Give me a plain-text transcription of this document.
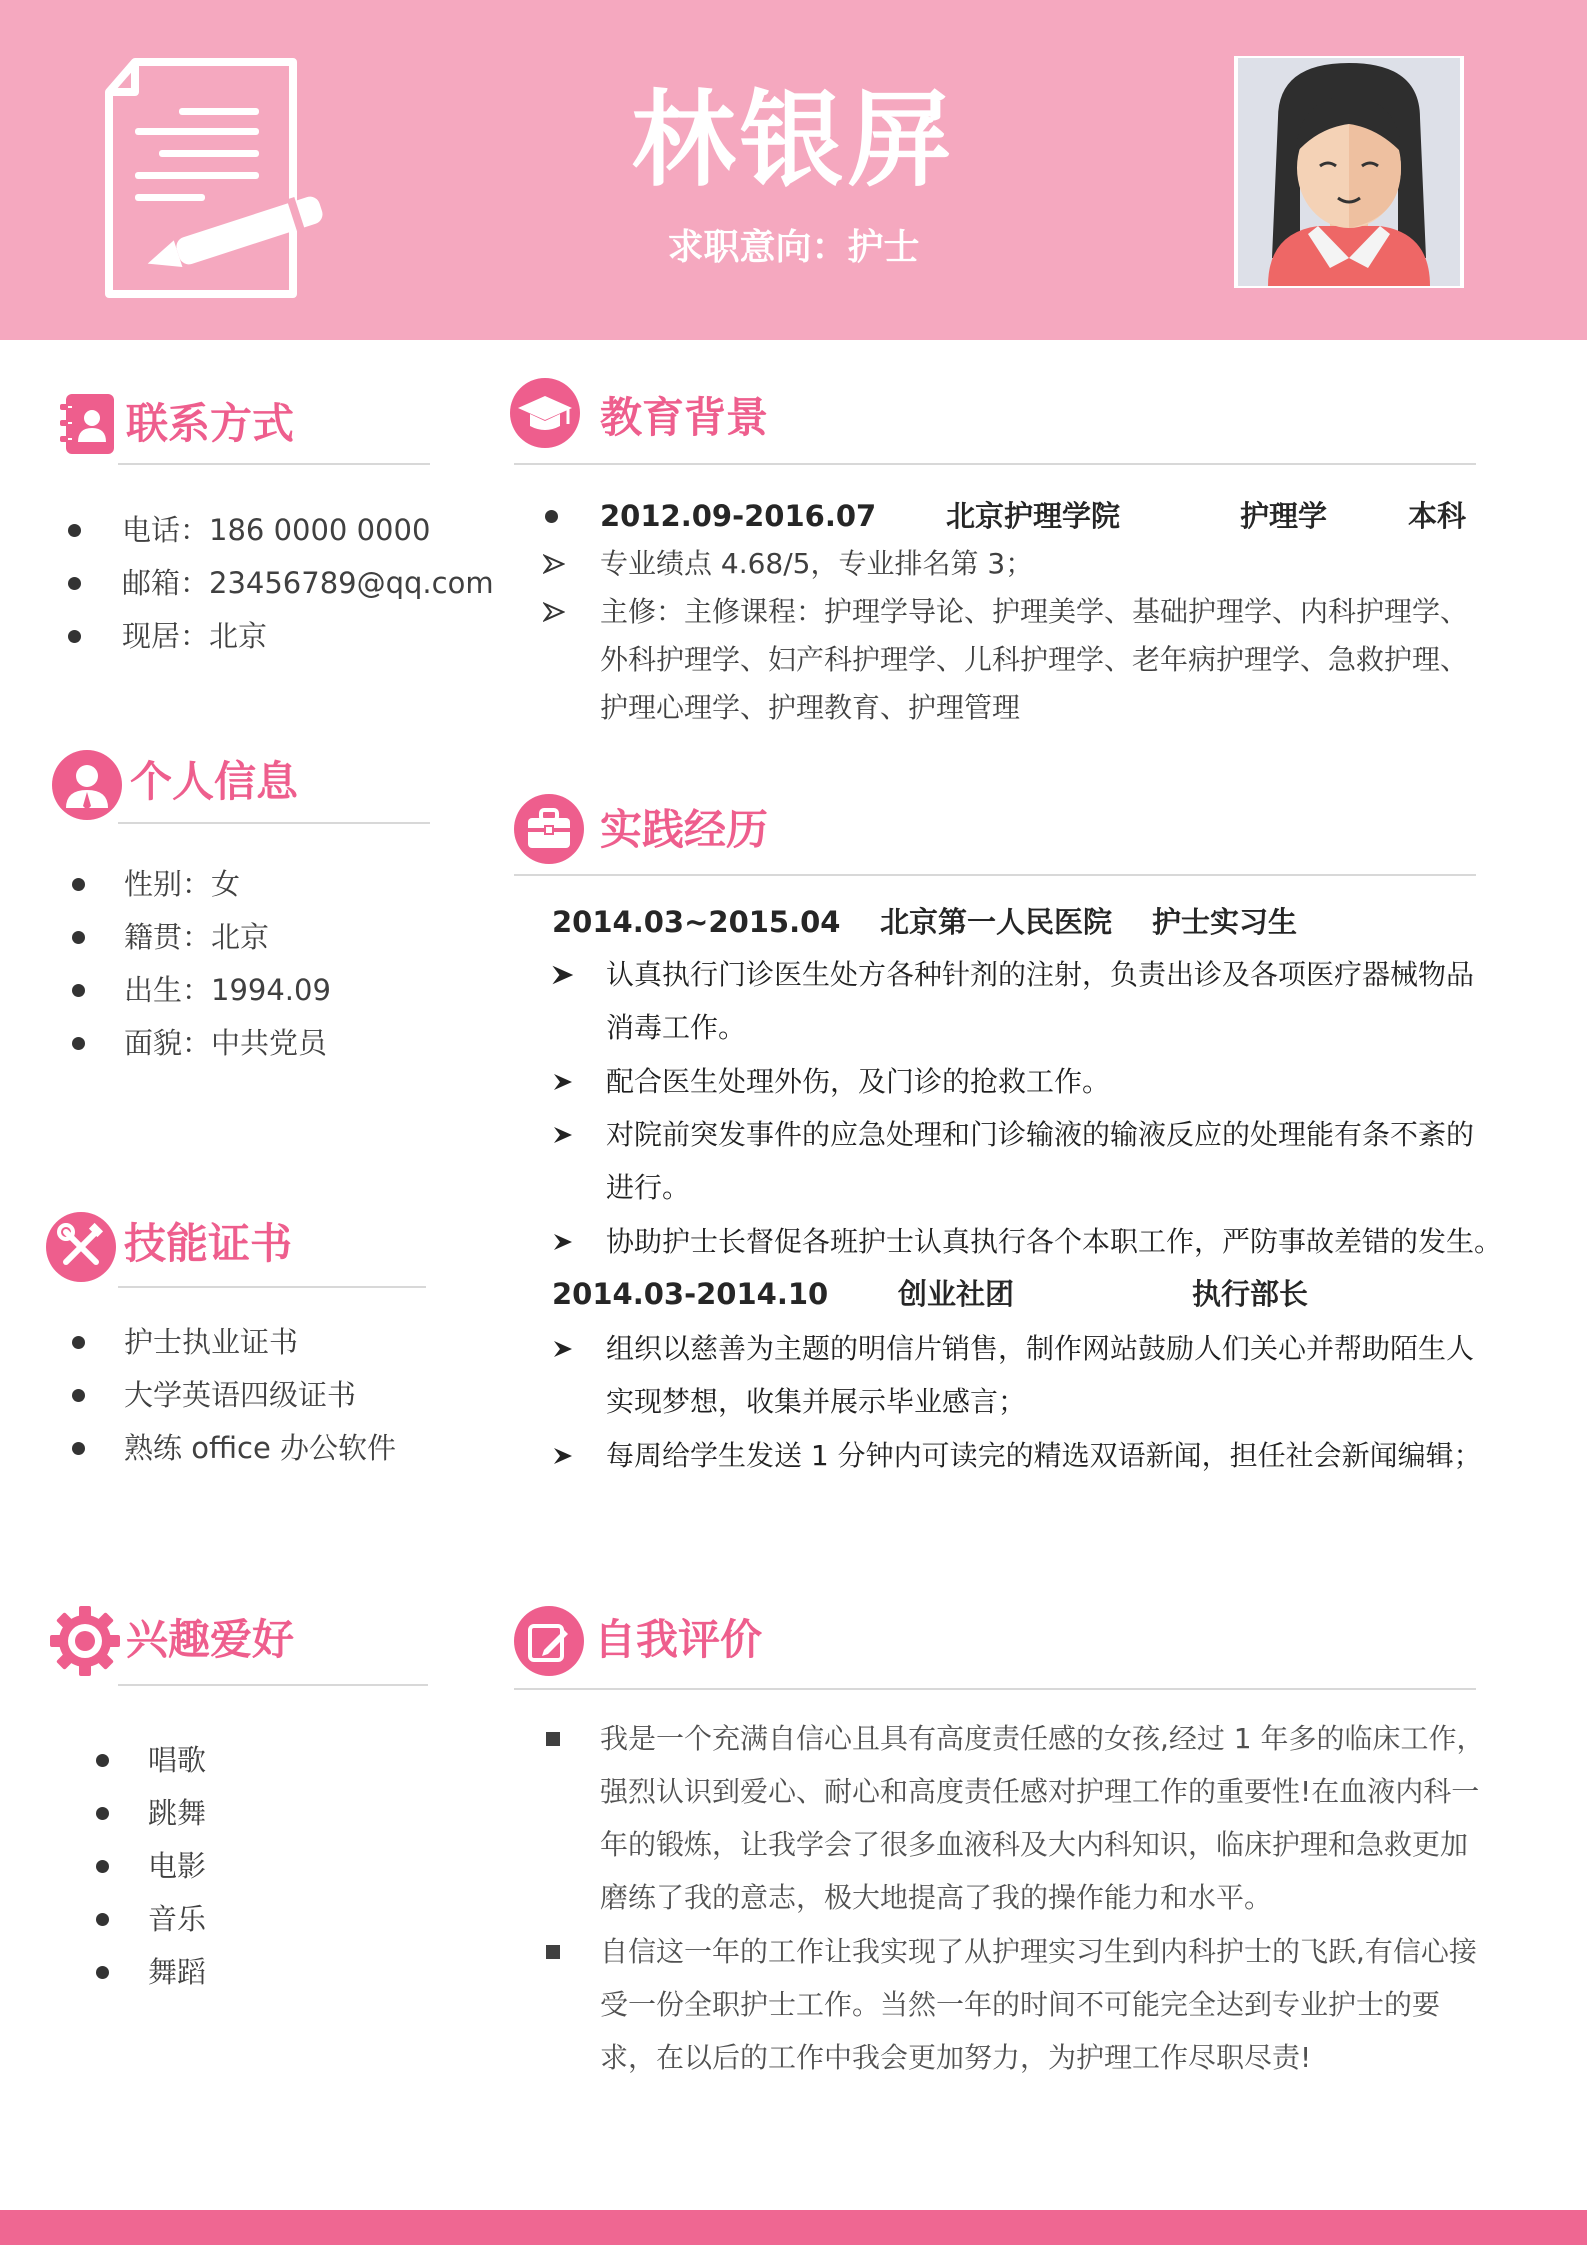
林银屏
求职意向：护士
联系方式
电话：186 0000 0000
邮箱：23456789@qq.com
现居：北京
个人信息
性别：女
籍贯：北京
出生：1994.09
面貌：中共党员
技能证书
护士执业证书
大学英语四级证书
熟练 office 办公软件
兴趣爱好
唱歌
跳舞
电影
音乐
舞蹈
教育背景
2012.09-2016.07 北京护理学院	护理学	本科
专业绩点 4.68/5，专业排名第 3；
主修：主修课程：护理学导论、护理美学、基础护理学、内科护理学、外科护理学、妇产科护理学、儿科护理学、老年病护理学、急救护理、护理心理学、护理教育、护理管理
实践经历
2014.03~2015.04 北京第一人民医院 护士实习生
认真执行门诊医生处方各种针剂的注射，负责出诊及各项医疗器械物品消毒工作。
配合医生处理外伤，及门诊的抢救工作。
对院前突发事件的应急处理和门诊输液的输液反应的处理能有条不紊的进行。
协助护士长督促各班护士认真执行各个本职工作，严防事故差错的发生。
2014.03-2014.10 创业社团	执行部长
组织以慈善为主题的明信片销售，制作网站鼓励人们关心并帮助陌生人实现梦想，收集并展示毕业感言；
每周给学生发送 1 分钟内可读完的精选双语新闻，担任社会新闻编辑；
自我评价
我是一个充满自信心且具有高度责任感的女孩,经过 1 年多的临床工作，强烈认识到爱心、耐心和高度责任感对护理工作的重要性!在血液内科一年的锻炼，让我学会了很多血液科及大内科知识，临床护理和急救更加磨练了我的意志，极大地提高了我的操作能力和水平。
自信这一年的工作让我实现了从护理实习生到内科护士的飞跃,有信心接受一份全职护士工作。当然一年的时间不可能完全达到专业护士的要求，在以后的工作中我会更加努力，为护理工作尽职尽责!
